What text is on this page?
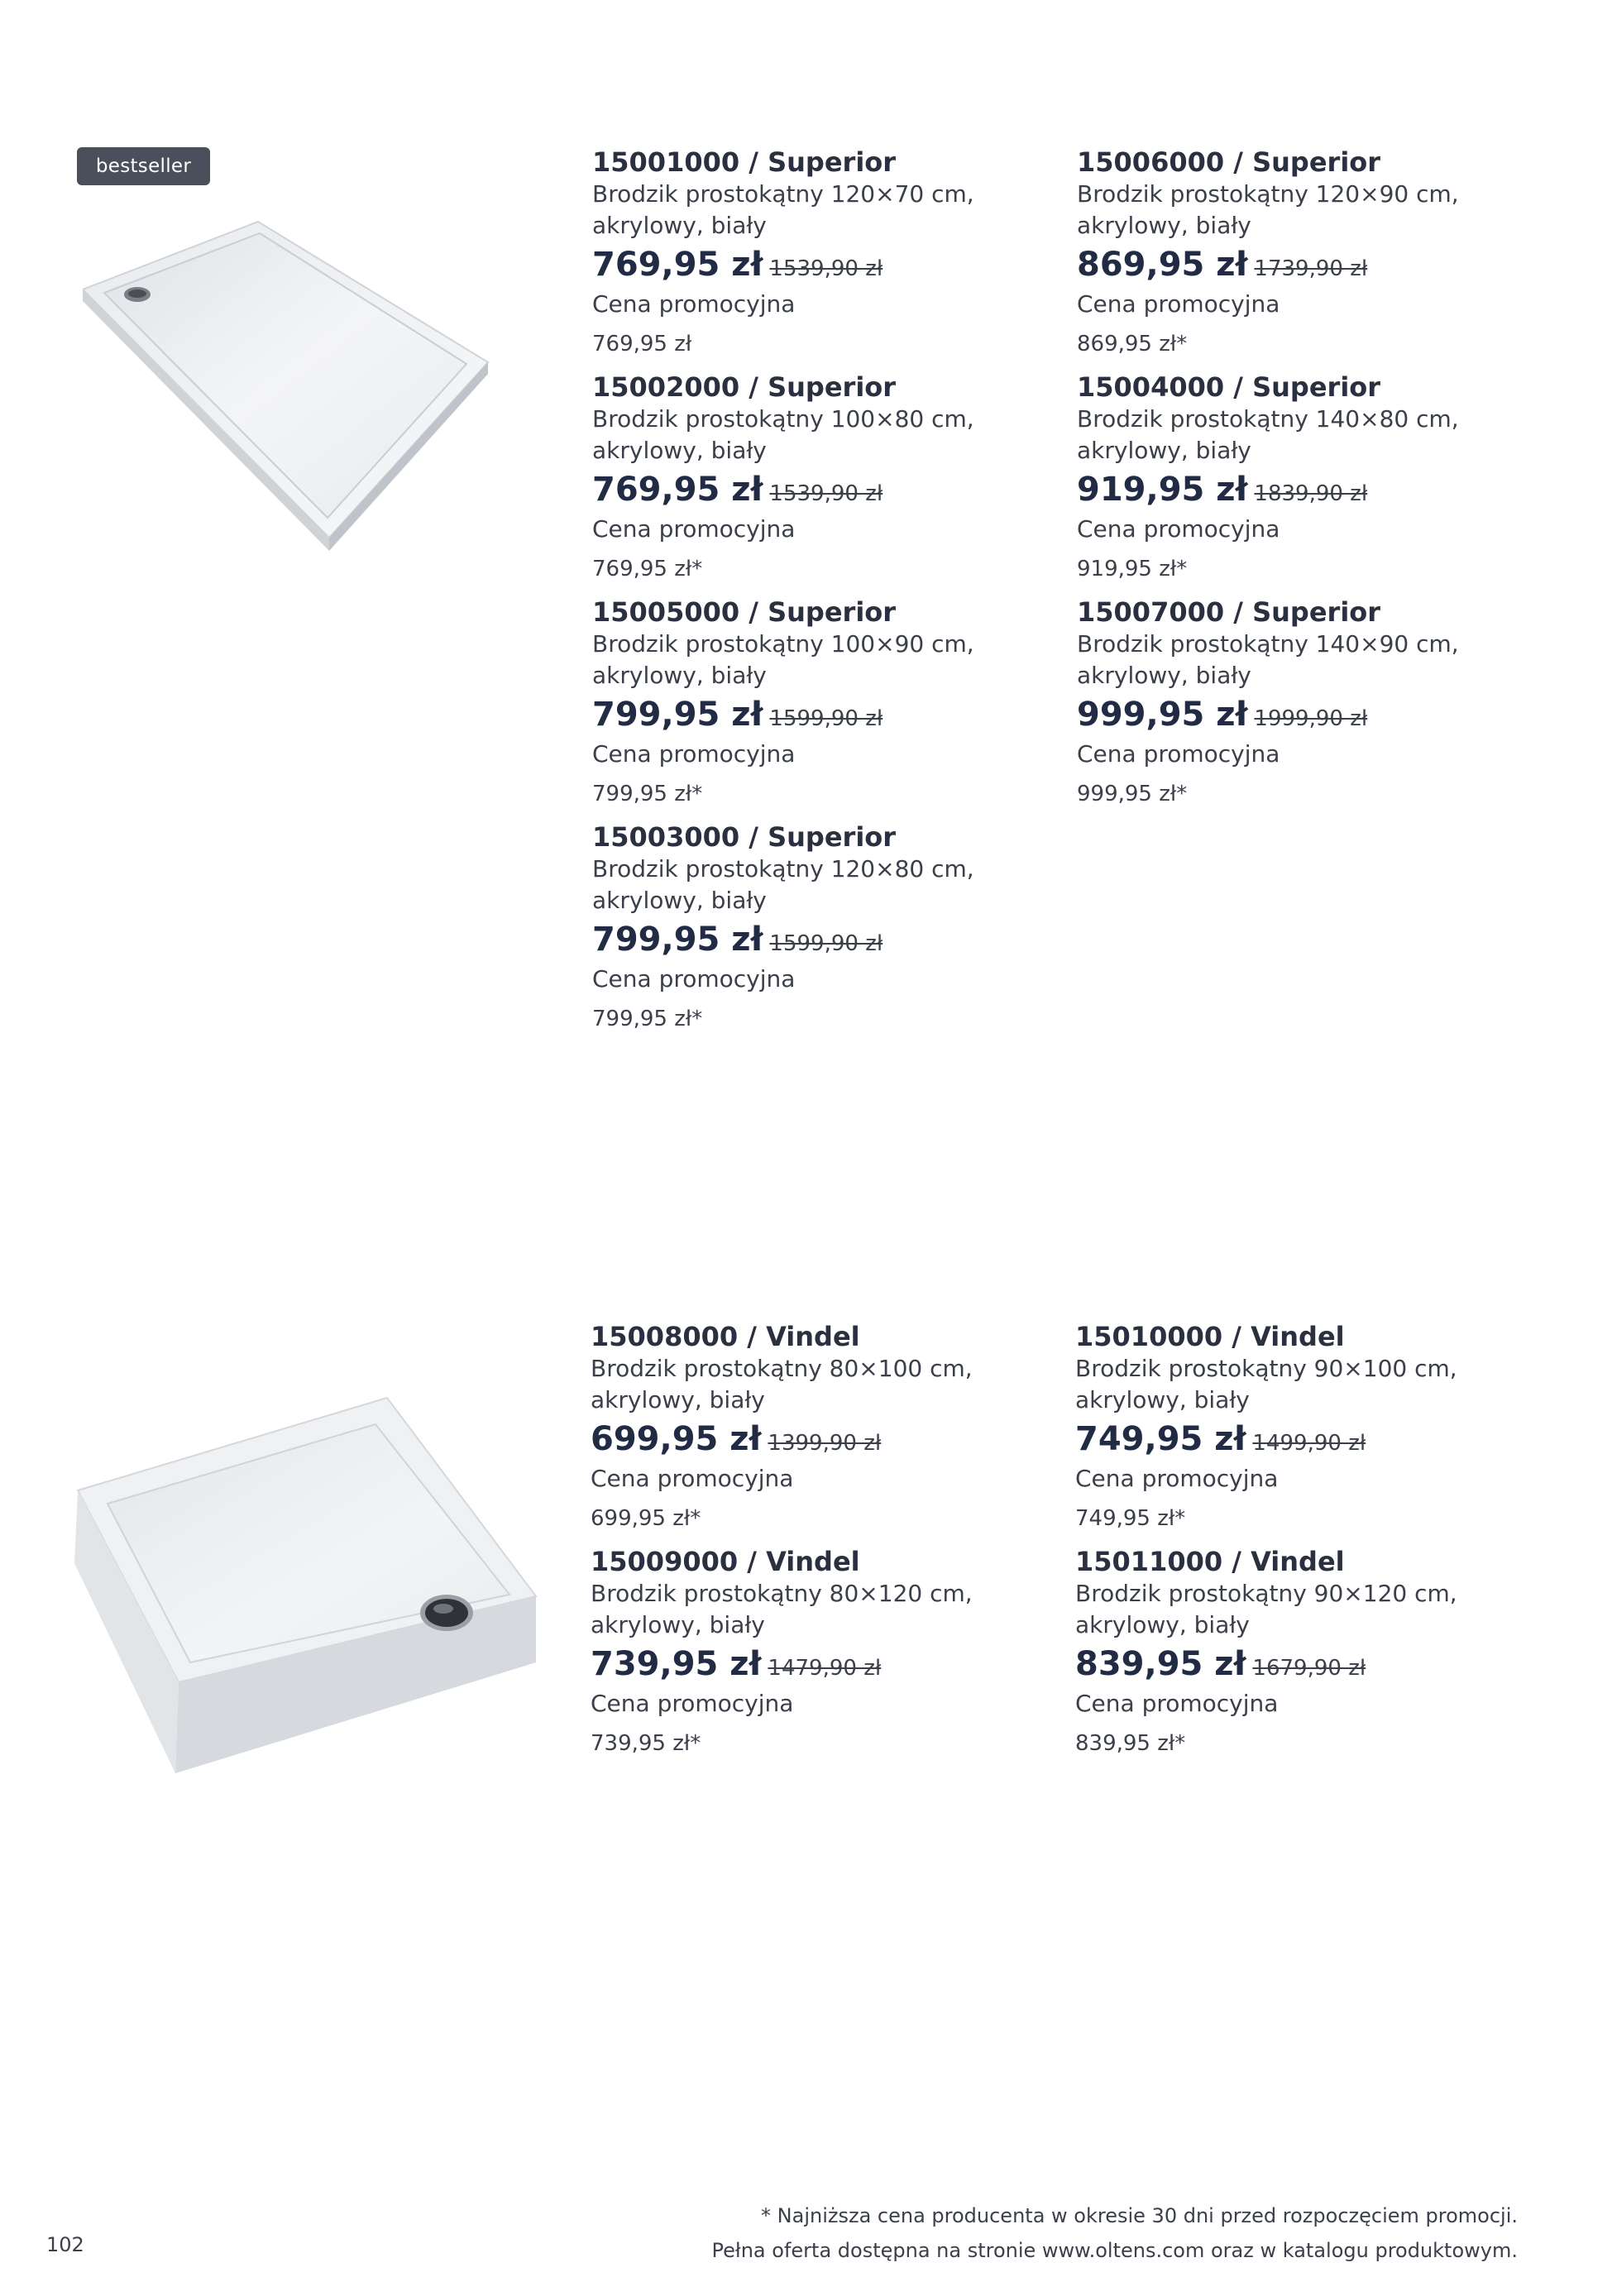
bestseller	15001000 / Superior
Brodzik prostokątny 120×70 cm,
akrylowy, biały
769,95 zł 1539,90 zł
Cena promocyjna
769,95 zł
15002000 / Superior
Brodzik prostokątny 100×80 cm,
akrylowy, biały
769,95 zł 1539,90 zł
Cena promocyjna
769,95 zł*
15005000 / Superior
Brodzik prostokątny 100×90 cm,
akrylowy, biały
799,95 zł 1599,90 zł
Cena promocyjna
799,95 zł*
15003000 / Superior
Brodzik prostokątny 120×80 cm,
akrylowy, biały
799,95 zł 1599,90 zł
Cena promocyjna
799,95 zł*
15006000 / Superior
Brodzik prostokątny 120×90 cm,
akrylowy, biały
869,95 zł 1739,90 zł
Cena promocyjna
869,95 zł*
15004000 / Superior
Brodzik prostokątny 140×80 cm,
akrylowy, biały
919,95 zł 1839,90 zł
Cena promocyjna
919,95 zł*
15007000 / Superior
Brodzik prostokątny 140×90 cm,
akrylowy, biały
999,95 zł 1999,90 zł
Cena promocyjna
999,95 zł*
15008000 / Vindel
Brodzik prostokątny 80×100 cm,
akrylowy, biały
699,95 zł 1399,90 zł
Cena promocyjna
699,95 zł*
15009000 / Vindel
Brodzik prostokątny 80×120 cm,
akrylowy, biały
739,95 zł 1479,90 zł
Cena promocyjna
739,95 zł*
15010000 / Vindel
Brodzik prostokątny 90×100 cm,
akrylowy, biały
749,95 zł 1499,90 zł
Cena promocyjna
749,95 zł*
15011000 / Vindel
Brodzik prostokątny 90×120 cm,
akrylowy, biały
839,95 zł 1679,90 zł
Cena promocyjna
839,95 zł*
* Najniższa cena producenta w okresie 30 dni przed rozpoczęciem promocji.
Pełna oferta dostępna na stronie www.oltens.com oraz w katalogu produktowym.
102
